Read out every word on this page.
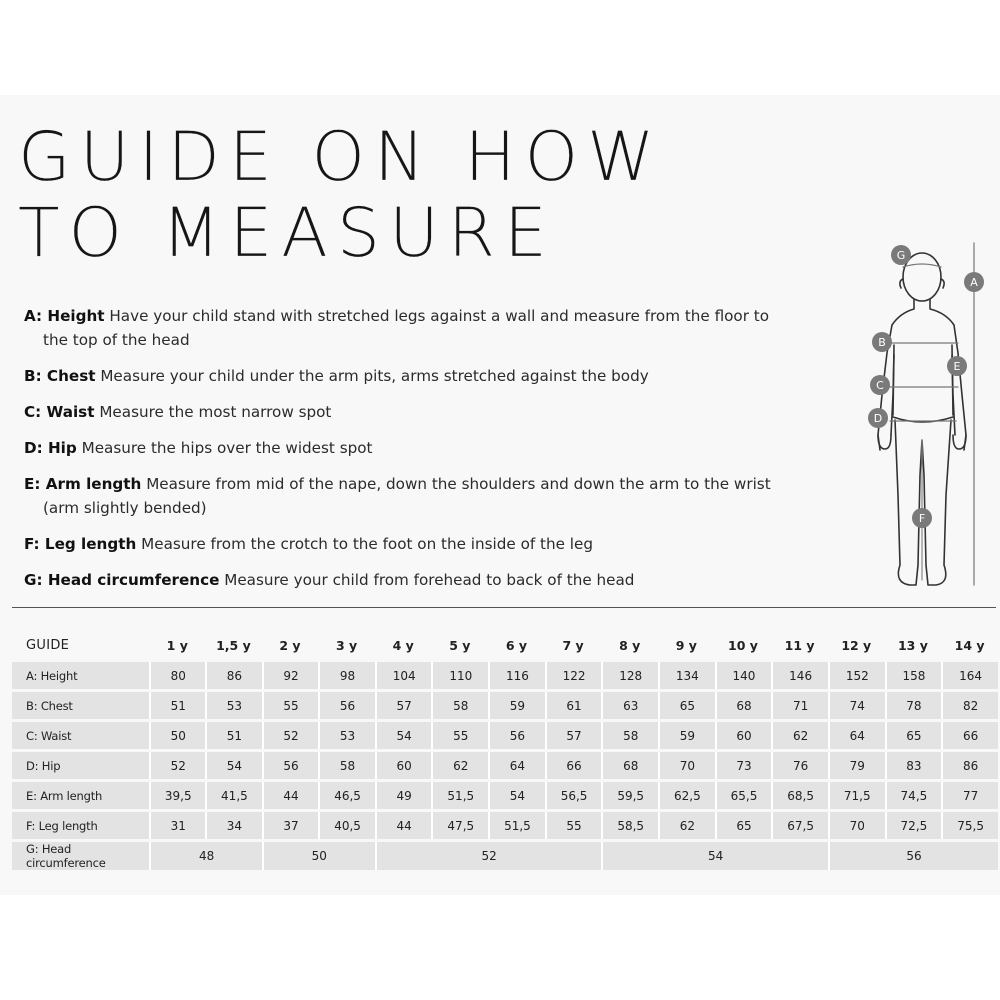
GUIDE ON HOW
TO MEASURE

A: Height Have your child stand with stretched legs against a wall and measure from the floor to the top of the head

B: Chest Measure your child under the arm pits, arms stretched against the body

C: Waist Measure the most narrow spot

D: Hip Measure the hips over the widest spot

E: Arm length Measure from mid of the nape, down the shoulders and down the arm to the wrist (arm slightly bended)

F: Leg length Measure from the crotch to the foot on the inside of the leg

G: Head circumference Measure your child from forehead to back of the head

G
A
B
E
C
D
F
GUIDE	1 y	1,5 y	2 y	3 y	4 y	5 y	6 y	7 y	8 y	9 y	10 y	11 y	12 y	13 y	14 y
A: Height	80	86	92	98	104	110	116	122	128	134	140	146	152	158	164
B: Chest	51	53	55	56	57	58	59	61	63	65	68	71	74	78	82
C: Waist	50	51	52	53	54	55	56	57	58	59	60	62	64	65	66
D: Hip	52	54	56	58	60	62	64	66	68	70	73	76	79	83	86
E: Arm length	39,5	41,5	44	46,5	49	51,5	54	56,5	59,5	62,5	65,5	68,5	71,5	74,5	77
F: Leg length	31	34	37	40,5	44	47,5	51,5	55	58,5	62	65	67,5	70	72,5	75,5
G: Head circumference	48		50		52				54				56		
